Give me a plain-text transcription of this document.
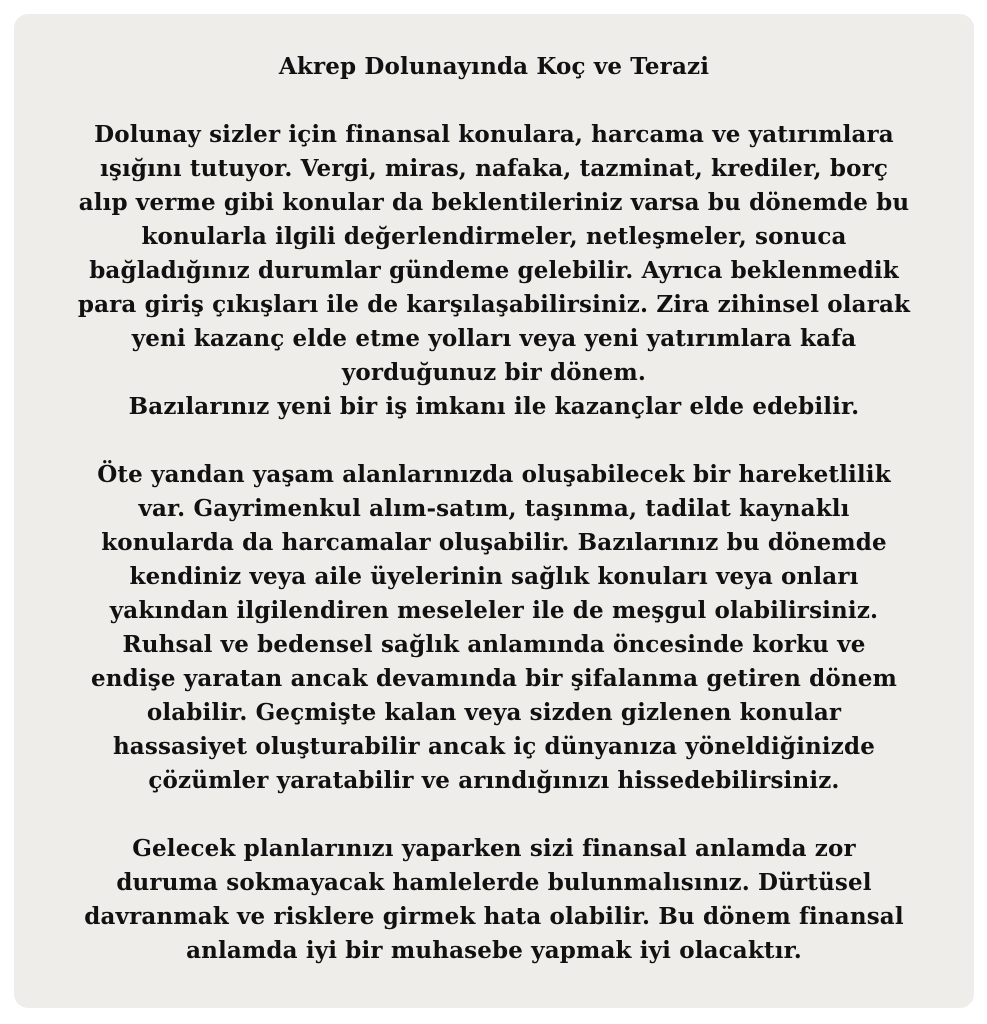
Akrep Dolunayında Koç ve Terazi

Dolunay sizler için finansal konulara, harcama ve yatırımlara
ışığını tutuyor. Vergi, miras, nafaka, tazminat, krediler, borç
alıp verme gibi konular da beklentileriniz varsa bu dönemde bu
konularla ilgili değerlendirmeler, netleşmeler, sonuca
bağladığınız durumlar gündeme gelebilir. Ayrıca beklenmedik
para giriş çıkışları ile de karşılaşabilirsiniz. Zira zihinsel olarak
yeni kazanç elde etme yolları veya yeni yatırımlara kafa
yorduğunuz bir dönem.
Bazılarınız yeni bir iş imkanı ile kazançlar elde edebilir.

Öte yandan yaşam alanlarınızda oluşabilecek bir hareketlilik
var. Gayrimenkul alım-satım, taşınma, tadilat kaynaklı
konularda da harcamalar oluşabilir. Bazılarınız bu dönemde
kendiniz veya aile üyelerinin sağlık konuları veya onları
yakından ilgilendiren meseleler ile de meşgul olabilirsiniz.
Ruhsal ve bedensel sağlık anlamında öncesinde korku ve
endişe yaratan ancak devamında bir şifalanma getiren dönem
olabilir. Geçmişte kalan veya sizden gizlenen konular
hassasiyet oluşturabilir ancak iç dünyanıza yöneldiğinizde
çözümler yaratabilir ve arındığınızı hissedebilirsiniz.

Gelecek planlarınızı yaparken sizi finansal anlamda zor
duruma sokmayacak hamlelerde bulunmalısınız. Dürtüsel
davranmak ve risklere girmek hata olabilir. Bu dönem finansal
anlamda iyi bir muhasebe yapmak iyi olacaktır.
